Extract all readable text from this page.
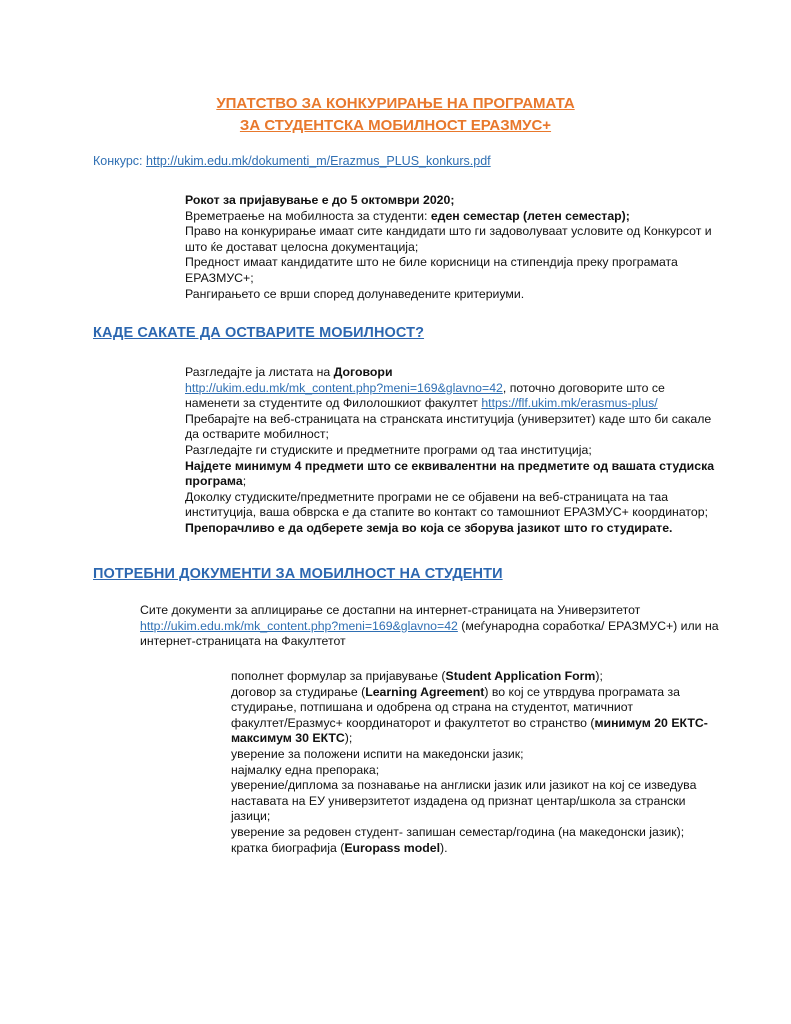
УПАТСТВО ЗА КОНКУРИРАЊЕ НА ПРОГРАМАТА
ЗА СТУДЕНТСКА МОБИЛНОСТ ЕРАЗМУС+
Конкурс: http://ukim.edu.mk/dokumenti_m/Erazmus_PLUS_konkurs.pdf
Рокот за пријавување е до 5 октомври 2020;
Времетраење на мобилноста за студенти: еден семестар (летен семестар);
Право на конкурирање имаат сите кандидати што ги задоволуваат условите од Конкурсот и
што ќе достават целосна документација;
Предност имаат кандидатите што не биле корисници на стипендија преку програмата
ЕРАЗМУС+;
Рангирањето се врши според долунаведените критериуми.
КАДЕ САКАТЕ ДА ОСТВАРИТЕ МОБИЛНОСТ?
Разгледајте ја листата на Договори
http://ukim.edu.mk/mk_content.php?meni=169&glavno=42, поточно договорите што се
наменети за студентите од Филолошкиот факултет https://flf.ukim.mk/erasmus-plus/
Пребарајте на веб-страницата на странската институција (универзитет) каде што би сакале
да остварите мобилност;
Разгледајте ги студиските и предметните програми од таа институција;
Најдете минимум 4 предмети што се еквивалентни на предметите од вашата студиска
програма;
Доколку студиските/предметните програми не се објавени на веб-страницата на таа
институција, ваша обврска е да стапите во контакт со тамошниот ЕРАЗМУС+ координатор;
Препорачливо е да одберете земја во која се зборува јазикот што го студирате.
ПОТРЕБНИ ДОКУМЕНТИ ЗА МОБИЛНОСТ НА СТУДЕНТИ
Сите документи за аплицирање се достапни на интернет-страницата на Универзитетот
http://ukim.edu.mk/mk_content.php?meni=169&glavno=42 (меѓународна соработка/ ЕРАЗМУС+) или на
интернет-страницата на Факултетот
пополнет формулар за пријавување (Student Application Form);
договор за студирање (Learning Agreement) во кој се утврдува програмата за
студирање, потпишана и одобрена од страна на студентот, матичниот
факултет/Еразмус+ координаторот и факултетот во странство (минимум 20 ЕКТС-
максимум 30 ЕКТС);
уверение за положени испити на македонски јазик;
најмалку една препорака;
уверение/диплома за познавање на англиски јазик или јазикот на кој се изведува
наставата на ЕУ универзитетот издадена од признат центар/школа за странски
јазици;
уверение за редовен студент- запишан семестар/година (на македонски јазик);
кратка биографија (Europass model).
